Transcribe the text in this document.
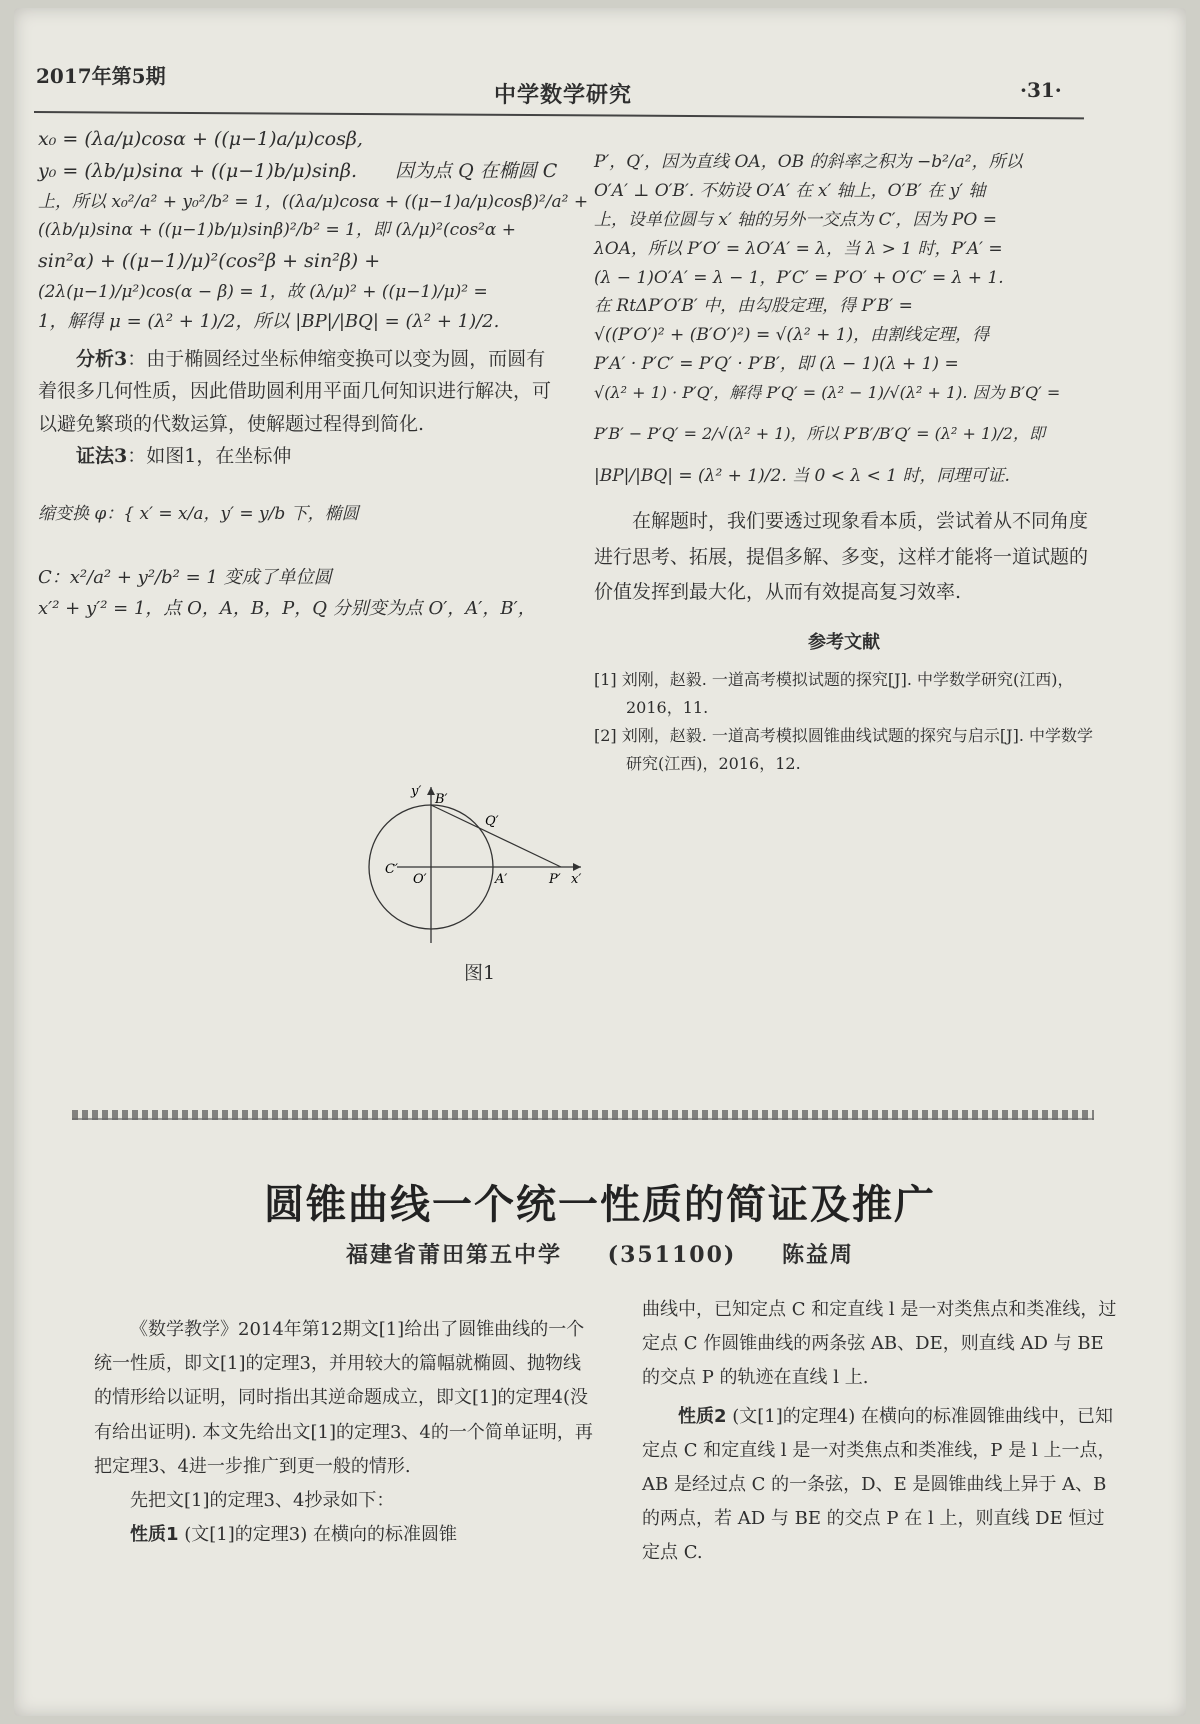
2017年第5期
中学数学研究	·31·
x₀ = (λa/μ)cosα + ((μ−1)a/μ)cosβ,
y₀ = (λb/μ)sinα + ((μ−1)b/μ)sinβ.　　因为点 Q 在椭圆 C
上，所以 x₀²/a² + y₀²/b² = 1，((λa/μ)cosα + ((μ−1)a/μ)cosβ)²/a² +
((λb/μ)sinα + ((μ−1)b/μ)sinβ)²/b² = 1，即 (λ/μ)²(cos²α +
sin²α) + ((μ−1)/μ)²(cos²β + sin²β) +
(2λ(μ−1)/μ²)cos(α − β) = 1，故 (λ/μ)² + ((μ−1)/μ)² =
1，解得 μ = (λ² + 1)/2，所以 |BP|/|BQ| = (λ² + 1)/2.
分析3：由于椭圆经过坐标伸缩变换可以变为圆，而圆有着很多几何性质，因此借助圆利用平面几何知识进行解决，可以避免繁琐的代数运算，使解题过程得到简化.
证法3：如图1，在坐标伸
缩变换 φ：{ x′ = x/a，y′ = y/b 下，椭圆
C：x²/a² + y²/b² = 1 变成了单位圆
x′² + y′² = 1，点 O，A，B，P，Q 分别变为点 O′，A′，B′，
y′
x′
B′
Q′
C′
O′	A′	P′
图1
P′，Q′，因为直线 OA，OB 的斜率之积为 −b²/a²，所以
O′A′ ⊥ O′B′. 不妨设 O′A′ 在 x′ 轴上，O′B′ 在 y′ 轴
上，设单位圆与 x′ 轴的另外一交点为 C′，因为 PO =
λOA，所以 P′O′ = λO′A′ = λ，当 λ > 1 时，P′A′ =
(λ − 1)O′A′ = λ − 1，P′C′ = P′O′ + O′C′ = λ + 1.
在 RtΔP′O′B′ 中，由勾股定理，得 P′B′ =
√((P′O′)² + (B′O′)²) = √(λ² + 1)，由割线定理，得
P′A′ · P′C′ = P′Q′ · P′B′，即 (λ − 1)(λ + 1) =
√(λ² + 1) · P′Q′，解得 P′Q′ = (λ² − 1)/√(λ² + 1). 因为 B′Q′ =
P′B′ − P′Q′ = 2/√(λ² + 1)，所以 P′B′/B′Q′ = (λ² + 1)/2，即
|BP|/|BQ| = (λ² + 1)/2. 当 0 < λ < 1 时，同理可证.
在解题时，我们要透过现象看本质，尝试着从不同角度进行思考、拓展，提倡多解、多变，这样才能将一道试题的价值发挥到最大化，从而有效提高复习效率.
参考文献
[1] 刘刚，赵毅. 一道高考模拟试题的探究[J]. 中学数学研究(江西)，2016，11.
[2] 刘刚，赵毅. 一道高考模拟圆锥曲线试题的探究与启示[J]. 中学数学研究(江西)，2016，12.
圆锥曲线一个统一性质的简证及推广
福建省莆田第五中学 (351100) 陈益周
《数学教学》2014年第12期文[1]给出了圆锥曲线的一个统一性质，即文[1]的定理3，并用较大的篇幅就椭圆、抛物线的情形给以证明，同时指出其逆命题成立，即文[1]的定理4(没有给出证明). 本文先给出文[1]的定理3、4的一个简单证明，再把定理3、4进一步推广到更一般的情形.
先把文[1]的定理3、4抄录如下：
性质1 (文[1]的定理3) 在横向的标准圆锥
曲线中，已知定点 C 和定直线 l 是一对类焦点和类准线，过定点 C 作圆锥曲线的两条弦 AB、DE，则直线 AD 与 BE 的交点 P 的轨迹在直线 l 上.
性质2 (文[1]的定理4) 在横向的标准圆锥曲线中，已知定点 C 和定直线 l 是一对类焦点和类准线，P 是 l 上一点，AB 是经过点 C 的一条弦，D、E 是圆锥曲线上异于 A、B 的两点，若 AD 与 BE 的交点 P 在 l 上，则直线 DE 恒过定点 C.
